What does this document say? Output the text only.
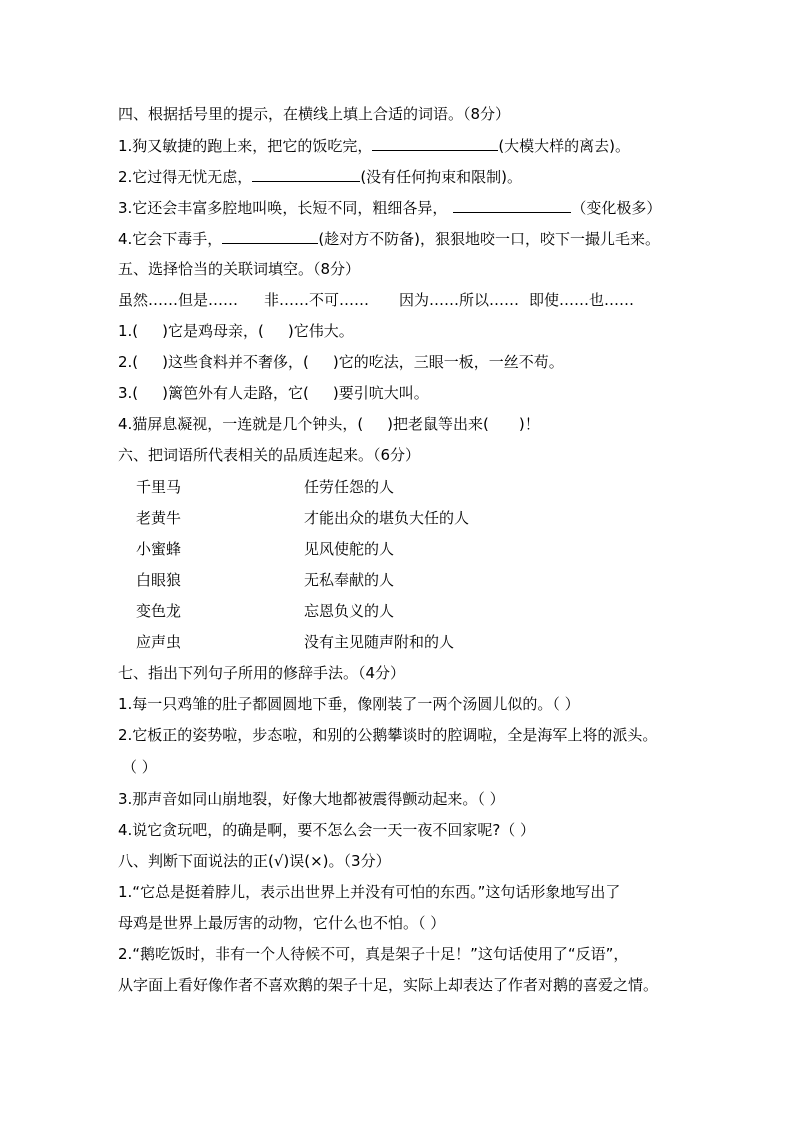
四、根据括号里的提示，在横线上填上合适的词语。（8分）
1.狗又敏捷的跑上来，把它的饭吃完，	(大模大样的离去)。
2.它过得无忧无虑，	(没有任何拘束和限制)。
3.它还会丰富多腔地叫唤，长短不同，粗细各异，	（变化极多）
4.它会下毒手，	(趁对方不防备)，狠狠地咬一口，咬下一撮儿毛来。
五、选择恰当的关联词填空。（8分）
虽然……但是…… 非……不可…… 因为……所以…… 即使……也……
1.( )它是鸡母亲，( )它伟大。
2.( )这些食料并不奢侈，( )它的吃法，三眼一板，一丝不苟。
3.( )篱笆外有人走路，它( )要引吭大叫。
4.猫屏息凝视，一连就是几个钟头，( )把老鼠等出来( )！
六、把词语所代表相关的品质连起来。（6分）
千里马	任劳任怨的人
老黄牛	才能出众的堪负大任的人
小蜜蜂	见风使舵的人
白眼狼	无私奉献的人
变色龙	忘恩负义的人
应声虫	没有主见随声附和的人
七、指出下列句子所用的修辞手法。（4分）
1.每一只鸡雏的肚子都圆圆地下垂，像刚装了一两个汤圆儿似的。（ ）
2.它板正的姿势啦，步态啦，和别的公鹅攀谈时的腔调啦，全是海军上将的派头。
（ ）
3.那声音如同山崩地裂，好像大地都被震得颤动起来。（ ）
4.说它贪玩吧，的确是啊，要不怎么会一天一夜不回家呢?（ ）
八、判断下面说法的正(√)误(×)。（3分）
1.“它总是挺着脖儿，表示出世界上并没有可怕的东西。”这句话形象地写出了
母鸡是世界上最厉害的动物，它什么也不怕。（ ）
2.“鹅吃饭时，非有一个人待候不可，真是架子十足！”这句话使用了“反语”，
从字面上看好像作者不喜欢鹅的架子十足，实际上却表达了作者对鹅的喜爱之情。
